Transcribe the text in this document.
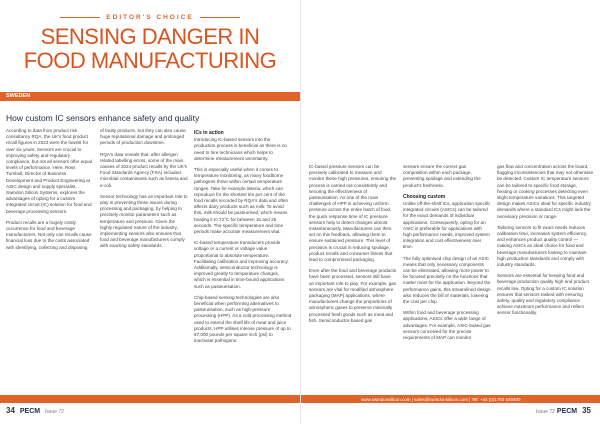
EDITOR'S CHOICE
SENSING DANGER IN
FOOD MANUFACTURING
SWEDEN
How custom IC sensors enhance safety and quality

According to data from product risk consultancy RQA, the UK's food product recall figures in 2023 were the lowest for over six years. Sensors are crucial to improving safety and regulatory compliance, but not all sensors offer equal levels of performance. Here, Ross Turnbull, Director of Business Development and Product Engineering at ASIC design and supply specialist, Swindon Silicon Systems, explores the advantages of opting for a custom integrated circuit (IC) solution for food and beverage processing sensors.

Product recalls are a hugely costly occurrence for food and beverage manufacturers. Not only can recalls cause financial loss due to the costs associated with identifying, collecting and disposing

of faulty products, but they can also cause huge reputational damage and prolonged periods of production downtime.

RQA's data reveals that, after allergen related labelling errors, some of the main causes of 2024 product recalls by the UK's Food Standards Agency (FSA) included microbial contaminants such as listeria and e-coli.

Sensor technology has an important role to play in preventing these issues during processing and packaging, by helping to precisely monitor parameters such as temperature and pressure. Given the highly regulated nature of the industry, implementing sensors also ensures that food and beverage manufacturers comply with exacting safety standards.

ICs in action

Introducing IC-based sensors into the production process is beneficial as there is no need to hire technicians which helps to determine measurement uncertainty.

This is especially useful when it comes to temperature monitoring, as many foodborne pathogens thrive within certain temperature ranges. Take for example listeria, which can reproduce for the shortest ten per cent of the food recalls recorded by RQA's data and often affects dairy products such as milk. To avoid this, milk should be pasteurised, which means heating it to 72°C for between 15 and 25 seconds. The specific temperature and time periods make accurate measurement vital.

IC-based temperature transducers provide voltage or a current or voltage value proportional to absolute temperature. Facilitating calibration and improving accuracy. Additionally, semiconductor technology is improved greatly to temperature changes, which is essential in time-bound applications such as pasteurisation.

Chip-based sensing technologies are also beneficial when performing alternatives to pasteurisation, such as high-pressure processing (HPP). As a cold processing method used to extend the shelf life of meat and juice products, HPP utilises intense pressure of up to 87,000 pounds per square inch (psi) to inactivate pathogens.

34 PECM Issue 72

IC-based pressure sensors can be precisely calibrated to measure and monitor these high pressures, ensuring the process is carried out consistently and securing the effectiveness of pasteurisation. As one of the main challenges of HPP is achieving uniform pressure across the entire batch of food, the quick response time of IC pressure sensors help to detect changes almost instantaneously. Manufacturers can then act on this feedback, allowing them to ensure sustained pressure. This level of precision is crucial in reducing spoilage, product recalls and consumer illness that lead to compromised packaging.

Even after the food and beverage products have been processed, sensors still have an important role to play. For example, gas sensors are vital for modified atmosphere packaging (MAP) applications, where manufacturers change the proportions of atmospheric gases to preserve minimally processed fresh goods such as meat and fish. Semiconductor-based gas

sensors ensure the correct gas composition within each package, preventing spoilage and extending the product's freshness.

Choosing custom

Unlike off-the-shelf ICs, application specific integrated circuits (ASICs) can be tailored for the exact demands of individual applications. Consequently, opting for an ASIC is preferable for applications with high performance needs, improved system integration and cost effectiveness over time.

The fully optimised chip design of an ASIC means that only necessary components can be eliminated, allowing more power to be focused precisely on the functions that matter most for the application. Beyond the performance gains, this streamlined design also reduces the bill of materials, lowering the cost per chip.

Within food and beverage processing applications, ASICs offer a wide range of advantages. For example, ASIC-based gas sensors conceived for the precise requirements of MAP can monitor

gas flow and concentration across the board, flagging inconsistencies that may not otherwise be detected. Custom IC temperature sensors can be tailored to specific food storage, heating or cooking processes detecting even slight temperature variations. This targeted design makes ASICs ideal for specific industry demands where a standard ICs might lack the necessary precision or range.

Tailoring sensors to fit exact needs reduces calibration time, increases system efficiency, and enhances product quality control — making ASICs an ideal choice for food and beverage manufacturers looking to maintain high production standards and comply with industry standards.

Sensors are essential for keeping food and beverage production quality high and product recalls low. Opting for a custom IC solution ensures that sensors tasked with ensuring safety, quality and regulatory compliance achieve maximum performance and reflect sensor functionality.

www.swindonsilicon.com | sales@swindonsilicon.com | Tel: +44 (0)1793 649400
Issue 72 PECM 35
